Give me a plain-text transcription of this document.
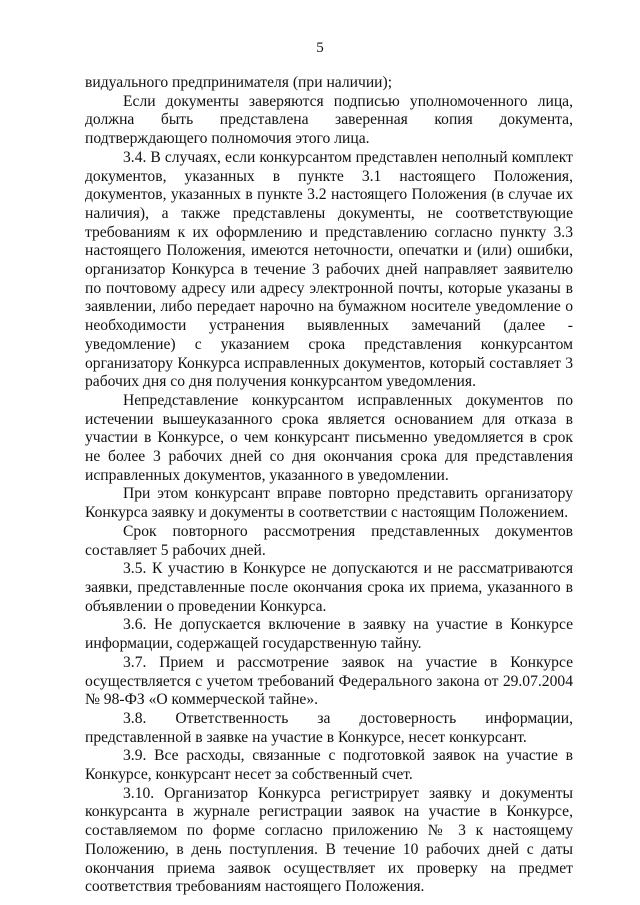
5

видуального предпринимателя (при наличии);

Если документы заверяются подписью уполномоченного лица, должна быть представлена заверенная копия документа, подтверждающего полномочия этого лица.

3.4. В случаях, если конкурсантом представлен неполный комплект документов, указанных в пункте 3.1 настоящего Положения, документов, указанных в пункте 3.2 настоящего Положения (в случае их наличия), а также представлены документы, не соответствующие требованиям к их оформлению и представлению согласно пункту 3.3 настоящего Положения, имеются неточности, опечатки и (или) ошибки, организатор Конкурса в течение 3 рабочих дней направляет заявителю по почтовому адресу или адресу электронной почты, которые указаны в заявлении, либо передает нарочно на бумажном носителе уведомление о необходимости устранения выявленных замечаний (далее - уведомление) с указанием срока представления конкурсантом организатору Конкурса исправленных документов, который составляет 3 рабочих дня со дня получения конкурсантом уведомления.

Непредставление конкурсантом исправленных документов по истечении вышеуказанного срока является основанием для отказа в участии в Конкурсе, о чем конкурсант письменно уведомляется в срок не более 3 рабочих дней со дня окончания срока для представления исправленных документов, указанного в уведомлении.

При этом конкурсант вправе повторно представить организатору Конкурса заявку и документы в соответствии с настоящим Положением.

Срок повторного рассмотрения представленных документов составляет 5 рабочих дней.

3.5. К участию в Конкурсе не допускаются и не рассматриваются заявки, представленные после окончания срока их приема, указанного в объявлении о проведении Конкурса.

3.6. Не допускается включение в заявку на участие в Конкурсе информации, содержащей государственную тайну.

3.7. Прием и рассмотрение заявок на участие в Конкурсе осуществляется с учетом требований Федерального закона от 29.07.2004 № 98-ФЗ «О коммерческой тайне».

3.8. Ответственность за достоверность информации, представленной в заявке на участие в Конкурсе, несет конкурсант.

3.9. Все расходы, связанные с подготовкой заявок на участие в Конкурсе, конкурсант несет за собственный счет.

3.10. Организатор Конкурса регистрирует заявку и документы конкурсанта в журнале регистрации заявок на участие в Конкурсе, составляемом по форме согласно приложению № 3 к настоящему Положению, в день поступления. В течение 10 рабочих дней с даты окончания приема заявок осуществляет их проверку на предмет соответствия требованиям настоящего Положения.
